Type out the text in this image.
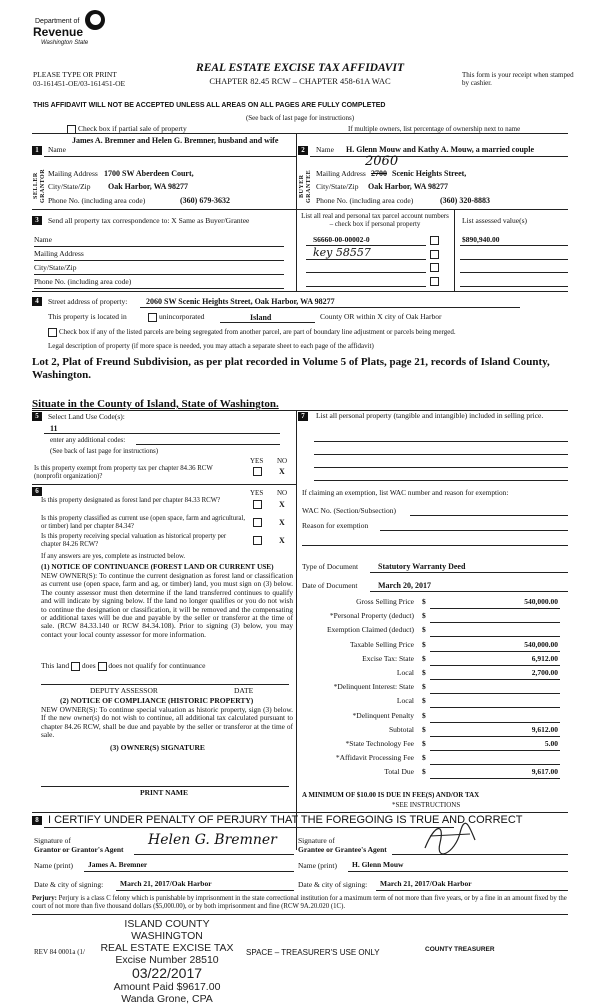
Department of
Revenue
Washington State
PLEASE TYPE OR PRINT
03-161451-OE/03-161451-OE
REAL ESTATE EXCISE TAX AFFIDAVIT
CHAPTER 82.45 RCW – CHAPTER 458-61A WAC
This form is your receipt when stamped by cashier.
THIS AFFIDAVIT WILL NOT BE ACCEPTED UNLESS ALL AREAS ON ALL PAGES ARE FULLY COMPLETED
(See back of last page for instructions)
Check box if partial sale of property	If multiple owners, list percentage of ownership next to name
1
SELLER GRANTOR
Name
James A. Bremner and Helen G. Bremner, husband and wife
Mailing Address 1700 SW Aberdeen Court,
City/State/Zip Oak Harbor, WA 98277
Phone No. (including area code)	(360) 679-3632
2
BUYER GRANTEE
Name H. Glenn Mouw and Kathy A. Mouw, a married couple
2060
Mailing Address 2700 Scenic Heights Street,
City/State/Zip Oak Harbor, WA 98277
Phone No. (including area code)	(360) 320-8883
3	Send all property tax correspondence to: X Same as Buyer/Grantee	List all real and personal tax parcel account numbers – check box if personal property	List assessed value(s)
Name
Mailing Address
City/State/Zip
Phone No. (including area code)
S6660-00-00002-0	$890,940.00
key 58557
4	Street address of property: 2060 SW Scenic Heights Street, Oak Harbor, WA 98277
This property is located in	unincorporated	Island	County OR within X city of Oak Harbor
Check box if any of the listed parcels are being segregated from another parcel, are part of boundary line adjustment or parcels being merged.
Legal description of property (if more space is needed, you may attach a separate sheet to each page of the affidavit)
Lot 2, Plat of Freund Subdivision, as per plat recorded in Volume 5 of Plats, page 21, records of Island County, Washington.
Situate in the County of Island, State of Washington.
5	Select Land Use Code(s):
11
enter any additional codes:
(See back of last page for instructions)
YES NO
Is this property exempt from property tax per chapter 84.36 RCW (nonprofit organization)?
X
6	YES NO
Is this property designated as forest land per chapter 84.33 RCW?	X
Is this property classified as current use (open space, farm and agricultural, or timber) land per chapter 84.34?	X
Is this property receiving special valuation as historical property per chapter 84.26 RCW?	X
If any answers are yes, complete as instructed below.
(1) NOTICE OF CONTINUANCE (FOREST LAND OR CURRENT USE)
NEW OWNER(S): To continue the current designation as forest land or classification as current use (open space, farm and ag, or timber) land, you must sign on (3) below. The county assessor must then determine if the land transferred continues to qualify and will indicate by signing below. If the land no longer qualifies or you do not wish to continue the designation or classification, it will be removed and the compensating or additional taxes will be due and payable by the seller or transferor at the time of sale. (RCW 84.33.140 or RCW 84.34.108). Prior to signing (3) below, you may contact your local county assessor for more information.
This land does does not qualify for continuance
DEPUTY ASSESSOR	DATE
(2) NOTICE OF COMPLIANCE (HISTORIC PROPERTY)
NEW OWNER(S): To continue special valuation as historic property, sign (3) below. If the new owner(s) do not wish to continue, all additional tax calculated pursuant to chapter 84.26 RCW, shall be due and payable by the seller or transferor at the time of sale.
(3) OWNER(S) SIGNATURE
PRINT NAME
7	List all personal property (tangible and intangible) included in selling price.
If claiming an exemption, list WAC number and reason for exemption:
WAC No. (Section/Subsection)
Reason for exemption
Type of Document Statutory Warranty Deed
Date of Document	March 20, 2017
Gross Selling Price $	540,000.00
*Personal Property (deduct) $
Exemption Claimed (deduct) $
Taxable Selling Price $	540,000.00
Excise Tax: State $	6,912.00
Local $	2,700.00
*Delinquent Interest: State $
Local $
*Delinquent Penalty $
Subtotal $	9,612.00
*State Technology Fee $	5.00
*Affidavit Processing Fee $
Total Due $	9,617.00
A MINIMUM OF $10.00 IS DUE IN FEE(S) AND/OR TAX
*SEE INSTRUCTIONS
8 I CERTIFY UNDER PENALTY OF PERJURY THAT THE FOREGOING IS TRUE AND CORRECT
Signature of
Grantor or Grantor's Agent
Helen G. Bremner	Signature of
Grantee or Grantee's Agent
Name (print) James A. Bremner	Name (print) H. Glenn Mouw
Date & city of signing: March 21, 2017/Oak Harbor	Date & city of signing: March 21, 2017/Oak Harbor
Perjury: Perjury is a class C felony which is punishable by imprisonment in the state correctional institution for a maximum term of not more than five years, or by a fine in an amount fixed by the court of not more than five thousand dollars ($5,000.00), or by both imprisonment and fine (RCW 9A.20.020 (1C).
REV 84 0001a (1/
ISLAND COUNTY WASHINGTON
REAL ESTATE EXCISE TAX
Excise Number 28510
03/22/2017
Amount Paid $9617.00
Wanda Grone, CPA
SPACE – TREASURER'S USE ONLY	COUNTY TREASURER
